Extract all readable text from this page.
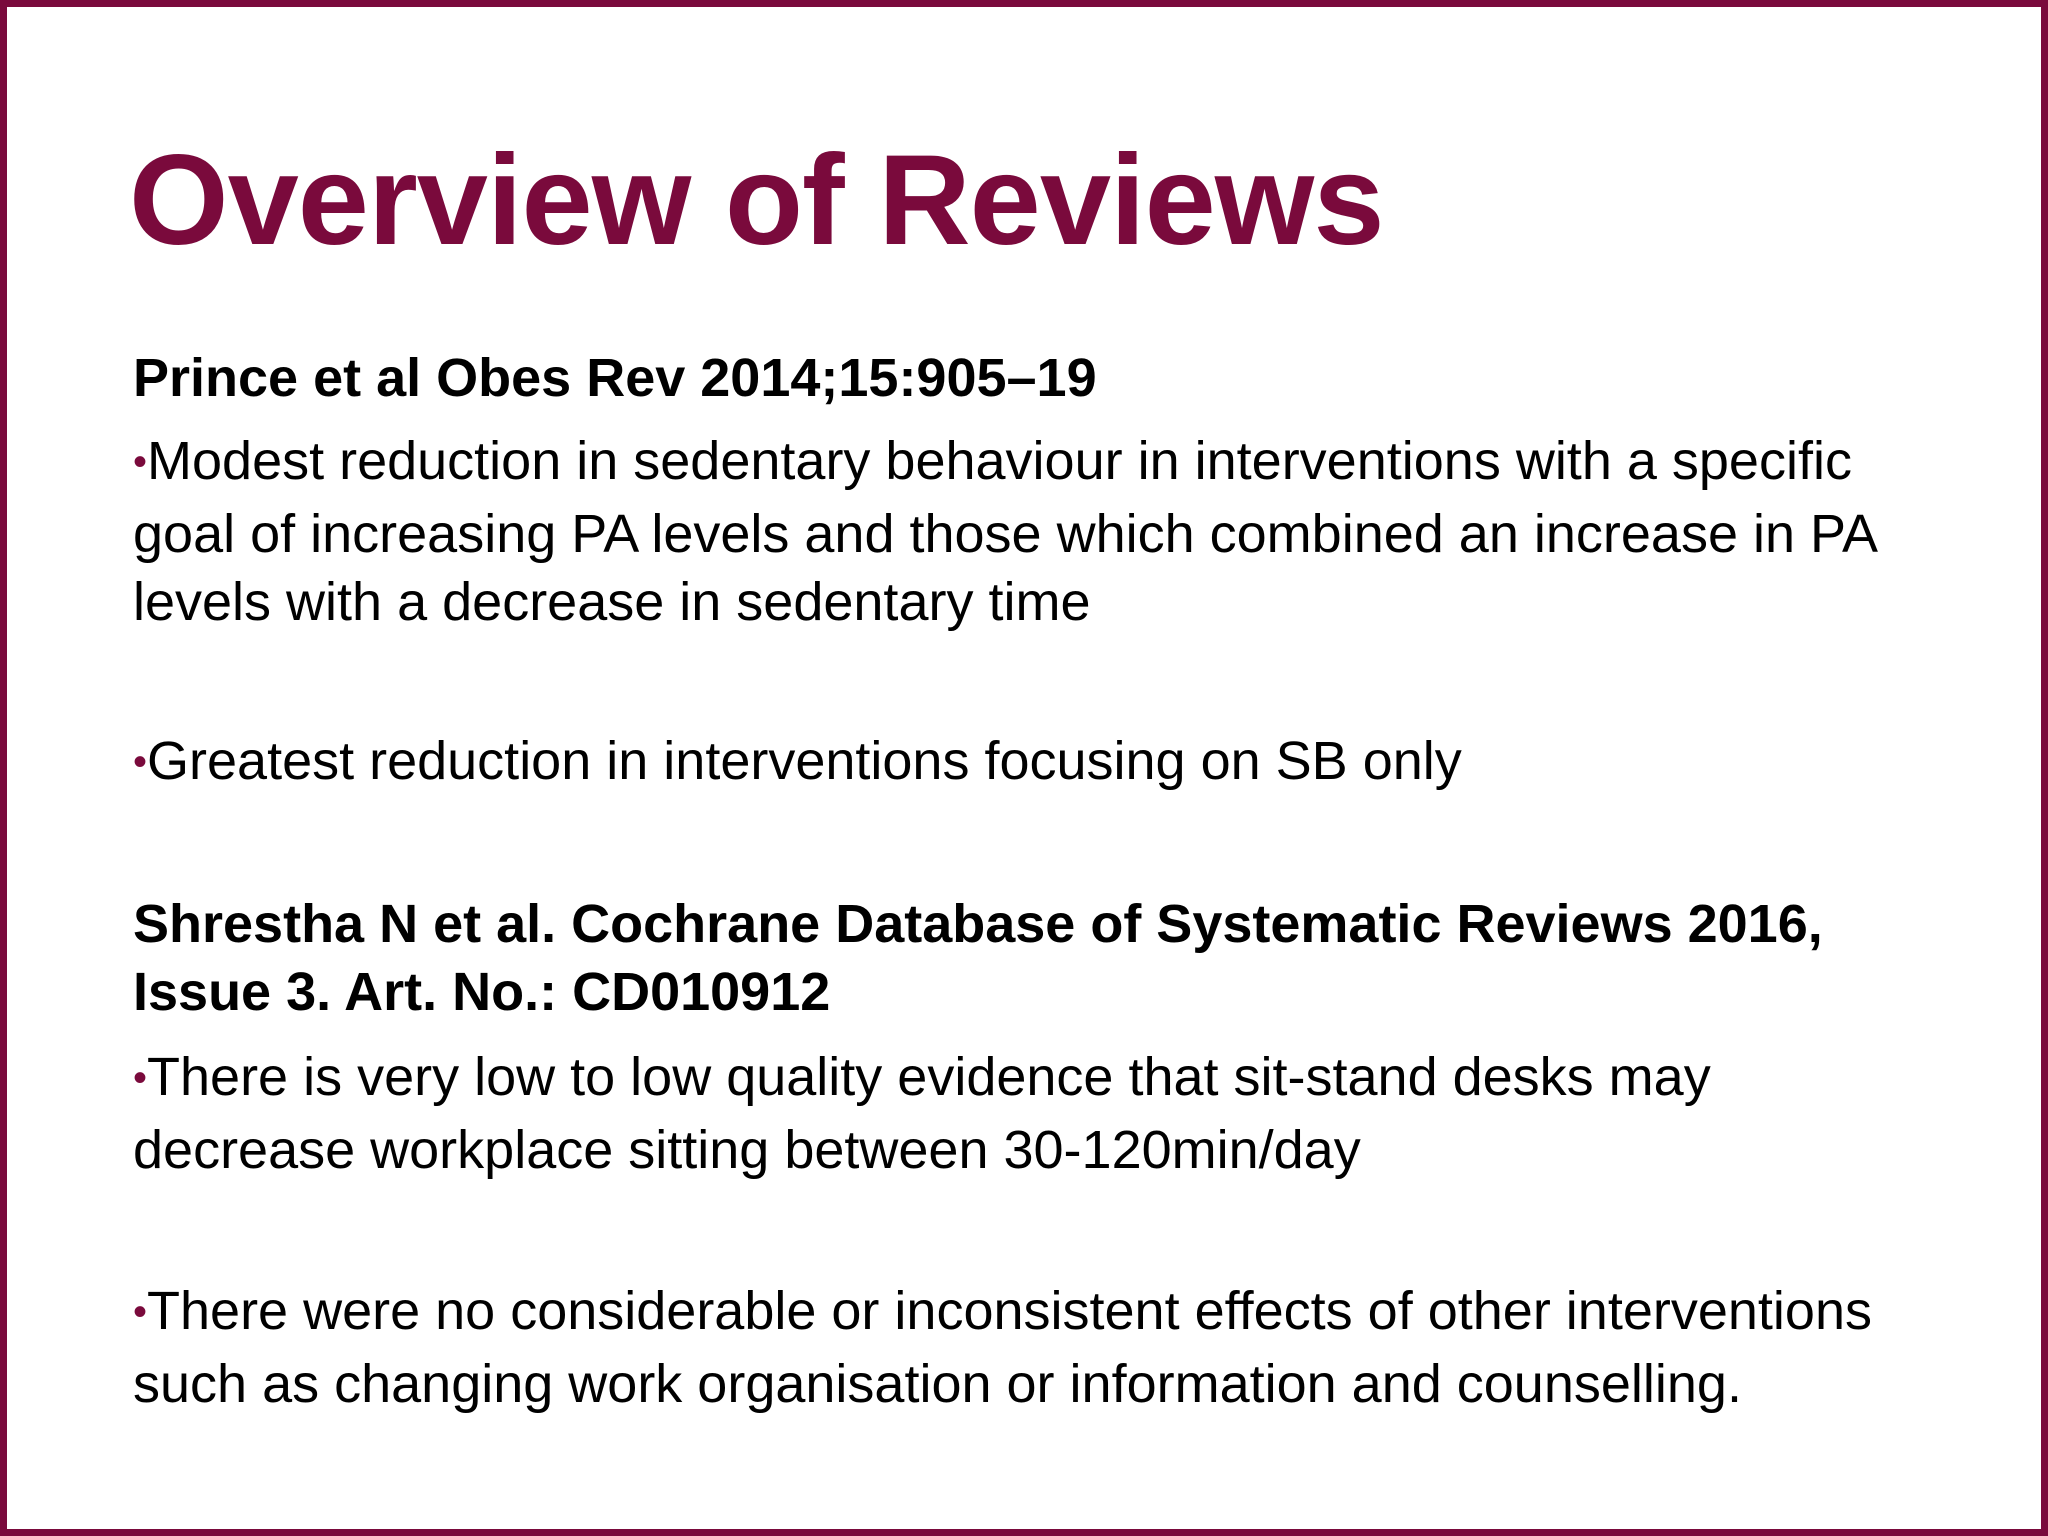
Overview of Reviews

Prince et al Obes Rev 2014;15:905–19

•Modest reduction in sedentary behaviour in interventions with a specific goal of increasing PA levels and those which combined an increase in PA levels with a decrease in sedentary time

•Greatest reduction in interventions focusing on SB only

Shrestha N et al. Cochrane Database of Systematic Reviews 2016, Issue 3. Art. No.: CD010912

•There is very low to low quality evidence that sit-stand desks may decrease workplace sitting between 30-120min/day

•There were no considerable or inconsistent effects of other interventions such as changing work organisation or information and counselling.
